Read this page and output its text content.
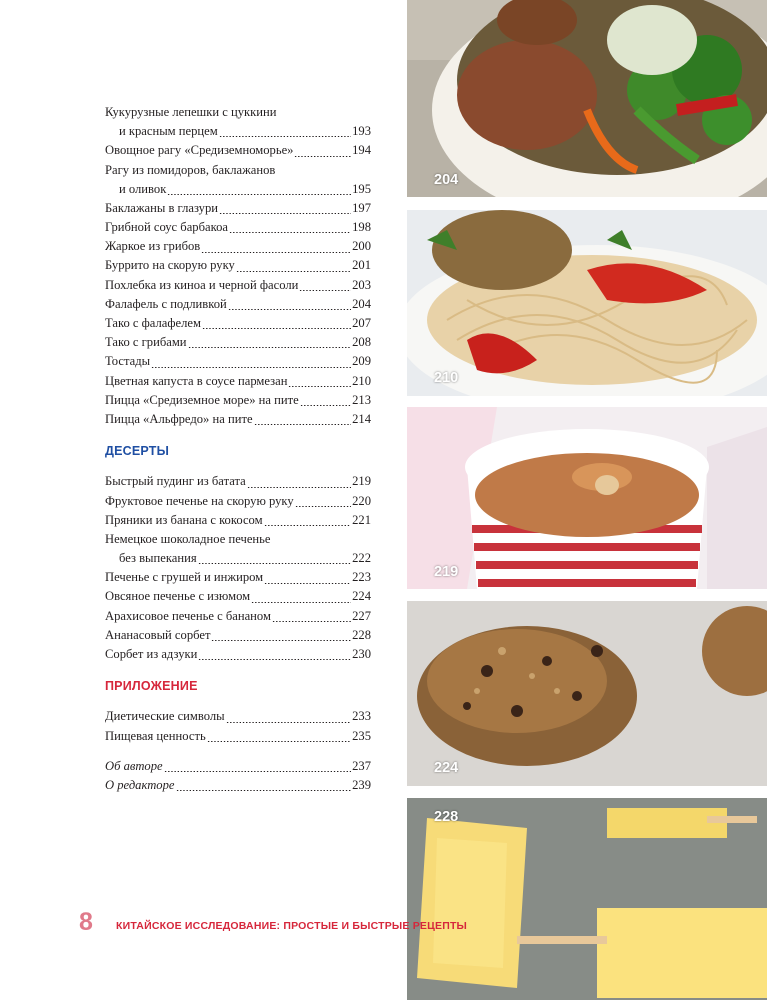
Кукурузные лепешки с цуккини
и красным перцем	193
Овощное рагу «Средиземноморье»	194
Рагу из помидоров, баклажанов
и оливок	195
Баклажаны в глазури	197
Грибной соус барбакоа	198
Жаркое из грибов	200
Буррито на скорую руку	201
Похлебка из киноа и черной фасоли	203
Фалафель с подливкой	204
Тако с фалафелем	207
Тако с грибами	208
Тостады	209
Цветная капуста в соусе пармезан	210
Пицца «Средиземное море» на пите	213
Пицца «Альфредо» на пите	214
ДЕСЕРТЫ
Быстрый пудинг из батата	219
Фруктовое печенье на скорую руку	220
Пряники из банана с кокосом	221
Немецкое шоколадное печенье
без выпекания	222
Печенье с грушей и инжиром	223
Овсяное печенье с изюмом	224
Арахисовое печенье с бананом	227
Ананасовый сорбет	228
Сорбет из адзуки	230
ПРИЛОЖЕНИЕ
Диетические символы	233
Пищевая ценность	235
Об авторе	237
О редакторе	239
204
210
219
224
228
8 КИТАЙСКОЕ ИССЛЕДОВАНИЕ: ПРОСТЫЕ И БЫСТРЫЕ РЕЦЕПТЫ
